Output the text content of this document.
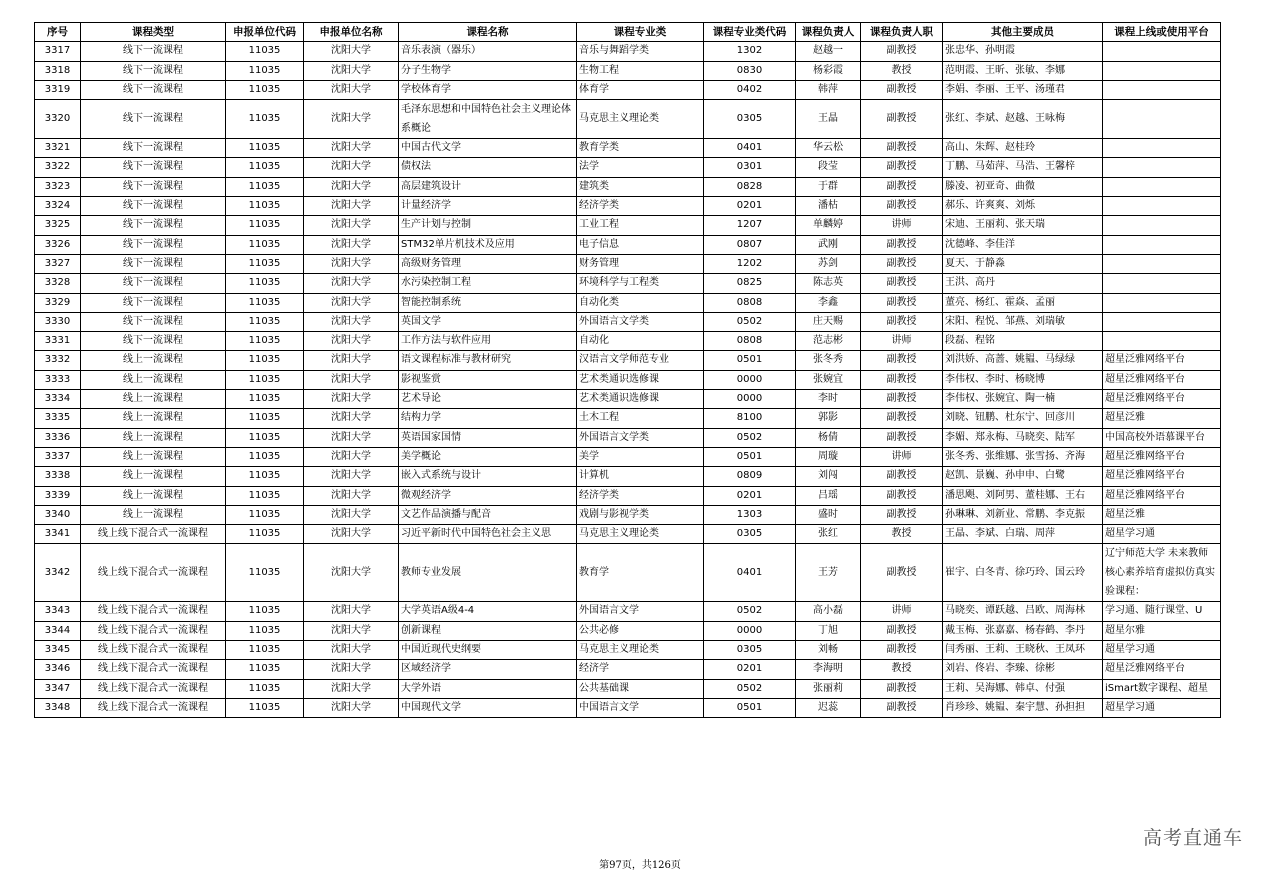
序号	课程类型	申报单位代码	申报单位名称	课程名称	课程专业类	课程专业类代码	课程负责人	课程负责人职	其他主要成员	课程上线或使用平台
3317	线下一流课程	11035	沈阳大学	音乐表演（器乐）	音乐与舞蹈学类	1302	赵越一	副教授	张忠华、孙明霞	
3318	线下一流课程	11035	沈阳大学	分子生物学	生物工程	0830	杨彩霞	教授	范明霞、王昕、张敏、李娜	
3319	线下一流课程	11035	沈阳大学	学校体育学	体育学	0402	韩萍	副教授	李娟、李丽、王平、汤瑾君	
3320	线下一流课程	11035	沈阳大学	毛泽东思想和中国特色社会主义理论体系概论	马克思主义理论类	0305	王晶	副教授	张红、李斌、赵越、王咏梅	
3321	线下一流课程	11035	沈阳大学	中国古代文学	教育学类	0401	华云松	副教授	高山、朱辉、赵桂玲	
3322	线下一流课程	11035	沈阳大学	债权法	法学	0301	段莹	副教授	丁鹏、马茹萍、马浩、王馨梓	
3323	线下一流课程	11035	沈阳大学	高层建筑设计	建筑类	0828	于群	副教授	滕凌、初亚奇、曲微	
3324	线下一流课程	11035	沈阳大学	计量经济学	经济学类	0201	潘枯	副教授	郝乐、许爽爽、刘烁	
3325	线下一流课程	11035	沈阳大学	生产计划与控制	工业工程	1207	单麟婷	讲师	宋迪、王丽莉、张天瑞	
3326	线下一流课程	11035	沈阳大学	STM32单片机技术及应用	电子信息	0807	武刚	副教授	沈德峰、李佳洋	
3327	线下一流课程	11035	沈阳大学	高级财务管理	财务管理	1202	苏剑	副教授	夏天、于静淼	
3328	线下一流课程	11035	沈阳大学	水污染控制工程	环境科学与工程类	0825	陈志英	副教授	王洪、高丹	
3329	线下一流课程	11035	沈阳大学	智能控制系统	自动化类	0808	李鑫	副教授	董亮、杨红、霍焱、孟丽	
3330	线下一流课程	11035	沈阳大学	英国文学	外国语言文学类	0502	庄天赐	副教授	宋阳、程悦、邹燕、刘瑞敏	
3331	线下一流课程	11035	沈阳大学	工作方法与软件应用	自动化	0808	范志彬	讲师	段磊、程铭	
3332	线上一流课程	11035	沈阳大学	语文课程标准与教材研究	汉语言文学师范专业	0501	张冬秀	副教授	刘洪娇、高蔷、姚韫、马绿绿	超星泛雅网络平台
3333	线上一流课程	11035	沈阳大学	影视鉴赏	艺术类通识选修课	0000	张婉宜	副教授	李伟权、李时、杨晓博	超星泛雅网络平台
3334	线上一流课程	11035	沈阳大学	艺术导论	艺术类通识选修课	0000	李时	副教授	李伟权、张婉宜、陶一楠	超星泛雅网络平台
3335	线上一流课程	11035	沈阳大学	结构力学	土木工程	8100	郭影	副教授	刘晓、钮鹏、杜东宁、回彦川	超星泛雅
3336	线上一流课程	11035	沈阳大学	英语国家国情	外国语言文学类	0502	杨倩	副教授	李媚、郑永梅、马晓奕、陆军	中国高校外语慕课平台
3337	线上一流课程	11035	沈阳大学	美学概论	美学	0501	周璇	讲师	张冬秀、张维娜、张雪扬、齐海	超星泛雅网络平台
3338	线上一流课程	11035	沈阳大学	嵌入式系统与设计	计算机	0809	刘闯	副教授	赵凯、景巍、孙申申、白鹭	超星泛雅网络平台
3339	线上一流课程	11035	沈阳大学	微观经济学	经济学类	0201	吕瑶	副教授	潘思飓、刘阿男、董桂娜、王右	超星泛雅网络平台
3340	线上一流课程	11035	沈阳大学	文艺作品演播与配音	戏剧与影视学类	1303	盛时	副教授	孙琳琳、刘新业、常鹏、李克振	超星泛雅
3341	线上线下混合式一流课程	11035	沈阳大学	习近平新时代中国特色社会主义思	马克思主义理论类	0305	张红	教授	王晶、李斌、白瑞、周萍	超星学习通
3342	线上线下混合式一流课程	11035	沈阳大学	教师专业发展	教育学	0401	王芳	副教授	崔宇、白冬青、徐巧玲、国云玲	辽宁师范大学 未来教师核心素养培育虚拟仿真实验课程：
3343	线上线下混合式一流课程	11035	沈阳大学	大学英语A级4-4	外国语言文学	0502	高小磊	讲师	马晓奕、谭跃越、吕欧、周海林	学习通、随行课堂、U
3344	线上线下混合式一流课程	11035	沈阳大学	创新课程	公共必修	0000	丁旭	副教授	戴玉梅、张嘉嘉、杨春鹤、李丹	超星尔雅
3345	线上线下混合式一流课程	11035	沈阳大学	中国近现代史纲要	马克思主义理论类	0305	刘畅	副教授	闫秀丽、王莉、王晓秋、王凤环	超星学习通
3346	线上线下混合式一流课程	11035	沈阳大学	区域经济学	经济学	0201	李海明	教授	刘岩、佟岩、李臻、徐彬	超星泛雅网络平台
3347	线上线下混合式一流课程	11035	沈阳大学	大学外语	公共基础课	0502	张丽莉	副教授	王莉、吴海娜、韩卓、付强	iSmart数字课程、超星
3348	线上线下混合式一流课程	11035	沈阳大学	中国现代文学	中国语言文学	0501	迟蕊	副教授	肖珍珍、姚韫、秦宇慧、孙担担	超星学习通
第97页，共126页
高考直通车
